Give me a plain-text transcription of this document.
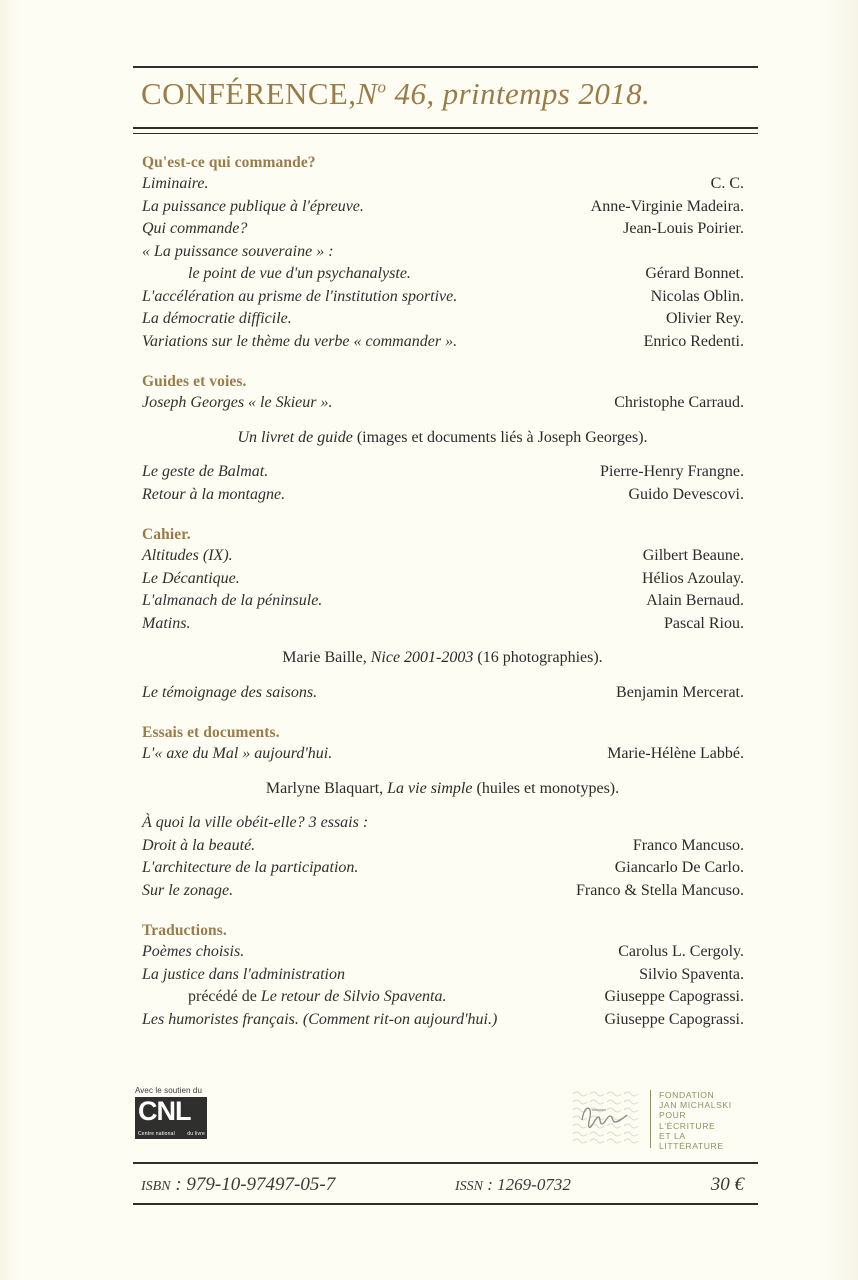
$CONFÉRENCE,N^o$ 46, printemps 2018.
Qu'est-ce qui commande?
Liminaire.	C. C.
La puissance publique à l'épreuve.	Anne-Virginie Madeira.
Qui commande?	Jean-Louis Poirier.
« La puissance souveraine » :
le point de vue d'un psychanalyste.	Gérard Bonnet.
L'accélération au prisme de l'institution sportive.	Nicolas Oblin.
La démocratie difficile.	Olivier Rey.
Variations sur le thème du verbe « commander ».	Enrico Redenti.
Guides et voies.
Joseph Georges « le Skieur ».	Christophe Carraud.
Un livret de guide (images et documents liés à Joseph Georges).
Le geste de Balmat.	Pierre-Henry Frangne.
Retour à la montagne.	Guido Devescovi.
Cahier.
Altitudes (IX).	Gilbert Beaune.
Le Décantique.	Hélios Azoulay.
L'almanach de la péninsule.	Alain Bernaud.
Matins.	Pascal Riou.
Marie Baille, Nice 2001-2003 (16 photographies).
Le témoignage des saisons.	Benjamin Mercerat.
Essais et documents.
L'« axe du Mal » aujourd'hui.	Marie-Hélène Labbé.
Marlyne Blaquart, La vie simple (huiles et monotypes).
À quoi la ville obéit-elle? 3 essais :
Droit à la beauté.	Franco Mancuso.
L'architecture de la participation.	Giancarlo De Carlo.
Sur le zonage.	Franco & Stella Mancuso.
Traductions.
Poèmes choisis.	Carolus L. Cergoly.
La justice dans l'administration	Silvio Spaventa.
précédé de Le retour de Silvio Spaventa.	Giuseppe Capograssi.
Les humoristes français. (Comment rit-on aujourd'hui.)	Giuseppe Capograssi.
Avec le soutien du
CNL
Centre national du livre
FONDATION
JAN MICHALSKI
POUR
L'ÉCRITURE
ET LA
LITTÉRATURE
ISBN : 979-10-97497-05-7	ISSN : 1269-0732	30 €
